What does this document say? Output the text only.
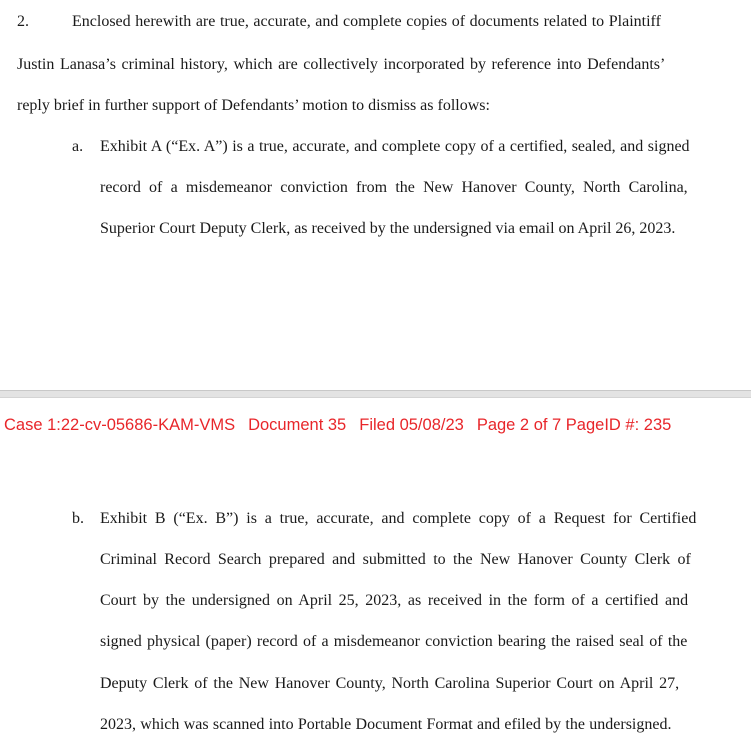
2.	Enclosed herewith are true, accurate, and complete copies of documents related to Plaintiff
Justin Lanasa’s criminal history, which are collectively incorporated by reference into Defendants’
reply brief in further support of Defendants’ motion to dismiss as follows:
a. Exhibit A (“Ex. A”) is a true, accurate, and complete copy of a certified, sealed, and signed
record of a misdemeanor conviction from the New Hanover County, North Carolina,
Superior Court Deputy Clerk, as received by the undersigned via email on April 26, 2023.
Case 1:22-cv-05686-KAM-VMS Document 35 Filed 05/08/23 Page 2 of 7 PageID #: 235
b. Exhibit B (“Ex. B”) is a true, accurate, and complete copy of a Request for Certified
Criminal Record Search prepared and submitted to the New Hanover County Clerk of
Court by the undersigned on April 25, 2023, as received in the form of a certified and
signed physical (paper) record of a misdemeanor conviction bearing the raised seal of the
Deputy Clerk of the New Hanover County, North Carolina Superior Court on April 27,
2023, which was scanned into Portable Document Format and efiled by the undersigned.
